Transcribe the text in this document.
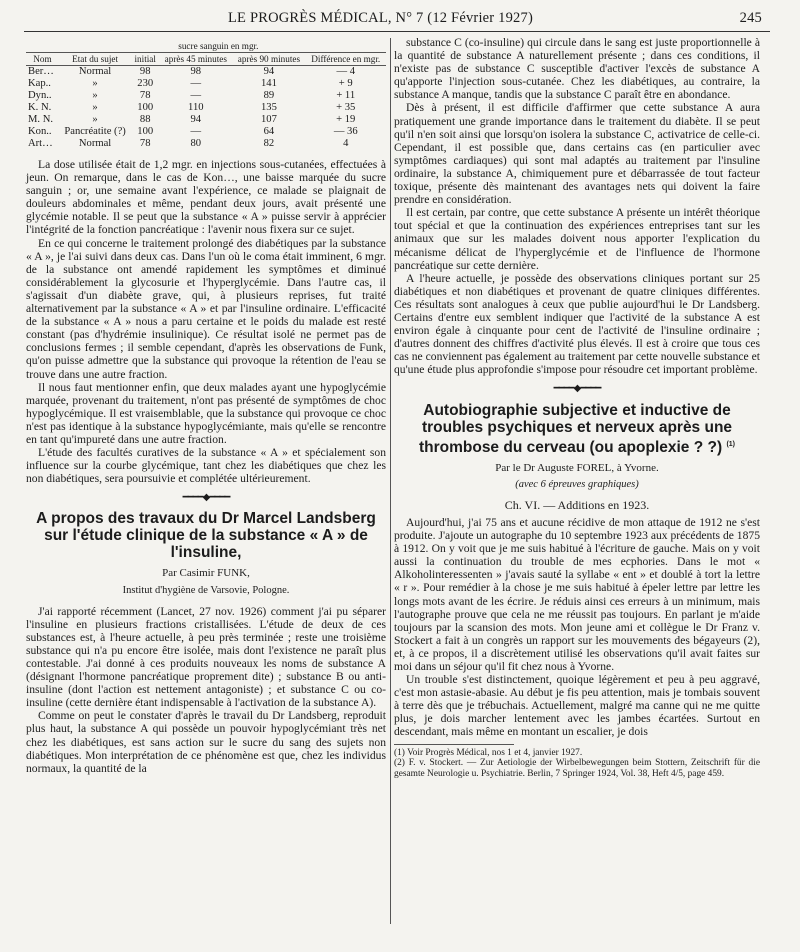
LE PROGRÈS MÉDICAL, N° 7 (12 Février 1927)	245
		sucre sanguin en mgr.			
Nom	Etat du sujet	initial	après 45 minutes	après 90 minutes	Différence en mgr.
Ber…	Normal	98	98	94	— 4
Kap..	»	230	—	141	+ 9
Dyn..	»	78	—	89	+ 11
K. N.	»	100	110	135	+ 35
M. N.	»	88	94	107	+ 19
Kon..	Pancréatite (?)	100	—	64	— 36
Art…	Normal	78	80	82	4

La dose utilisée était de 1,2 mgr. en injections sous-cutanées, effectuées à jeun. On remarque, dans le cas de Kon…, une baisse marquée du sucre sanguin ; or, une semaine avant l'expérience, ce malade se plaignait de douleurs abdominales et même, pendant deux jours, avait présenté une glycémie notable. Il se peut que la substance « A » puisse servir à apprécier l'intégrité de la fonction pancréatique : l'avenir nous fixera sur ce sujet.

En ce qui concerne le traitement prolongé des diabétiques par la substance « A », je l'ai suivi dans deux cas. Dans l'un où le coma était imminent, 6 mgr. de la substance ont amendé rapidement les symptômes et diminué considérablement la glycosurie et l'hyperglycémie. Dans l'autre cas, il s'agissait d'un diabète grave, qui, à plusieurs reprises, fut traité alternativement par la substance « A » et par l'insuline ordinaire. L'efficacité de la substance « A » nous a paru certaine et le poids du malade est resté constant (pas d'hydrémie insulinique). Ce résultat isolé ne permet pas de conclusions fermes ; il semble cependant, d'après les observations de Funk, qu'on puisse admettre que la substance qui provoque la rétention de l'eau se trouve dans une autre fraction.

Il nous faut mentionner enfin, que deux malades ayant une hypoglycémie marquée, provenant du traitement, n'ont pas présenté de symptômes de choc hypoglycémique. Il est vraisemblable, que la substance qui provoque ce choc n'est pas identique à la substance hypoglycémiante, mais qu'elle se rencontre en tant qu'impureté dans une autre fraction.

L'étude des facultés curatives de la substance « A » et spécialement son influence sur la courbe glycémique, tant chez les diabétiques que chez les non diabétiques, sera poursuivie et complétée ultérieurement.

━━━━◆━━━━
A propos des travaux du Dr Marcel Landsberg sur l'étude clinique de la substance « A » de l'insuline,
Par Casimir FUNK,
Institut d'hygiène de Varsovie, Pologne.

J'ai rapporté récemment (Lancet, 27 nov. 1926) comment j'ai pu séparer l'insuline en plusieurs fractions cristallisées. L'étude de deux de ces substances est, à l'heure actuelle, à peu près terminée ; reste une troisième substance qui n'a pu encore être isolée, mais dont l'existence ne paraît plus contestable. J'ai donné à ces produits nouveaux les noms de substance A (désignant l'hormone pancréatique proprement dite) ; substance B ou anti-insuline (dont l'action est nettement antagoniste) ; et substance C ou co-insuline (cette dernière étant indispensable à l'activation de la substance A).

Comme on peut le constater d'après le travail du Dr Landsberg, reproduit plus haut, la substance A qui possède un pouvoir hypoglycémiant très net chez les diabétiques, est sans action sur le sucre du sang des sujets non diabétiques. Mon interprétation de ce phénomène est que, chez les individus normaux, la quantité de la

substance C (co-insuline) qui circule dans le sang est juste proportionnelle à la quantité de substance A naturellement présente ; dans ces conditions, il n'existe pas de substance C susceptible d'activer l'excès de substance A qu'apporte l'injection sous-cutanée. Chez les diabétiques, au contraire, la substance A manque, tandis que la substance C paraît être en abondance.

Dès à présent, il est difficile d'affirmer que cette substance A aura pratiquement une grande importance dans le traitement du diabète. Il se peut qu'il n'en soit ainsi que lorsqu'on isolera la substance C, activatrice de celle-ci. Cependant, il est possible que, dans certains cas (en particulier avec symptômes cardiaques) qui sont mal adaptés au traitement par l'insuline ordinaire, la substance A, chimiquement pure et débarrassée de tout facteur toxique, présente dès maintenant des avantages nets qui doivent la faire prendre en considération.

Il est certain, par contre, que cette substance A présente un intérêt théorique tout spécial et que la continuation des expériences entreprises tant sur les animaux que sur les malades doivent nous apporter l'explication du mécanisme délicat de l'hyperglycémie et de l'influence de l'hormone pancréatique sur cette dernière.

A l'heure actuelle, je possède des observations cliniques portant sur 25 diabétiques et non diabétiques et provenant de quatre cliniques différentes. Ces résultats sont analogues à ceux que publie aujourd'hui le Dr Landsberg. Certains d'entre eux semblent indiquer que l'activité de la substance A est environ égale à cinquante pour cent de l'activité de l'insuline ordinaire ; d'autres donnent des chiffres d'activité plus élevés. Il est à croire que tous ces cas ne conviennent pas également au traitement par cette nouvelle substance et qu'une étude plus approfondie s'impose pour résoudre cet important problème.

━━━━◆━━━━
Autobiographie subjective et inductive de troubles psychiques et nerveux après une thrombose du cerveau (ou apoplexie ? ?) $^{(1)}$
Par le Dr Auguste FOREL, à Yvorne.
(avec 6 épreuves graphiques)
Ch. VI. — Additions en 1923.

Aujourd'hui, j'ai 75 ans et aucune récidive de mon attaque de 1912 ne s'est produite. J'ajoute un autographe du 10 septembre 1923 aux précédents de 1875 à 1912. On y voit que je me suis habitué à l'écriture de gauche. Mais on y voit aussi la continuation du trouble de mes ecphories. Dans le mot « Alkoholinteressenten » j'avais sauté la syllabe « ent » et doublé à tort la lettre « r ». Pour remédier à la chose je me suis habitué à épeler lettre par lettre les longs mots avant de les écrire. Je réduis ainsi ces erreurs à un minimum, mais l'autographe prouve que cela ne me réussit pas toujours. En parlant je m'aide toujours par la scansion des mots. Mon jeune ami et collègue le Dr Franz v. Stockert a fait à un congrès un rapport sur les mouvements des bégayeurs (2), et, à ce propos, il a discrètement utilisé les observations qu'il avait faites sur moi dans un séjour qu'il fit chez nous à Yvorne.

Un trouble s'est distinctement, quoique légèrement et peu à peu aggravé, c'est mon astasie-abasie. Au début je fis peu attention, mais je tombais souvent à terre dès que je trébuchais. Actuellement, malgré ma canne qui ne me quitte plus, je dois marcher lentement avec les jambes écartées. Surtout en descendant, mais même en montant un escalier, je dois

(1) Voir Progrès Médical, nos 1 et 4, janvier 1927.
(2) F. v. Stockert. — Zur Aetiologie der Wirbelbewegungen beim Stottern, Zeitschrift für die gesamte Neurologie u. Psychiatrie. Berlin, 7 Springer 1924, Vol. 38, Heft 4/5, page 459.
